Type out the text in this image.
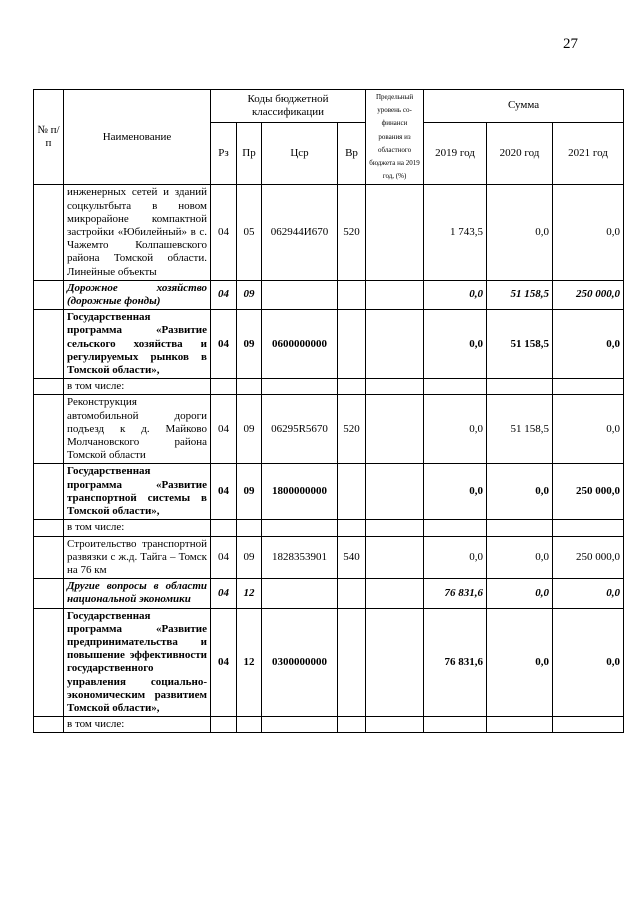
27
№ п/п	Наименование	Коды бюджетной классификации				Предельный уровень со-финанси рования из областного бюджета на 2019 год, (%)	Сумма		
		Рз	Пр	Цср	Вр		2019 год	2020 год	2021 год
	инженерных сетей и зданий соцкультбыта в новом микрорайоне компактной застройки «Юбилейный» в с. Чажемто Колпашевского района Томской области. Линейные объекты	04	05	062944И670	520		1 743,5	0,0	0,0
	Дорожное хозяйство (дорожные фонды)	04	09				0,0	51 158,5	250 000,0
	Государственная программа «Развитие сельского хозяйства и регулируемых рынков в Томской области»,	04	09	0600000000			0,0	51 158,5	0,0
	в том числе:								
	Реконструкция автомобильной дороги подъезд к д. Майково Молчановского района Томской области	04	09	06295R5670	520		0,0	51 158,5	0,0
	Государственная программа «Развитие транспортной системы в Томской области»,	04	09	1800000000			0,0	0,0	250 000,0
	в том числе:								
	Строительство транспортной развязки с ж.д. Тайга – Томск на 76 км	04	09	1828353901	540		0,0	0,0	250 000,0
	Другие вопросы в области национальной экономики	04	12				76 831,6	0,0	0,0
	Государственная программа «Развитие предпринимательства и повышение эффективности государственного управления социально-экономическим развитием Томской области»,	04	12	0300000000			76 831,6	0,0	0,0
	в том числе:								
